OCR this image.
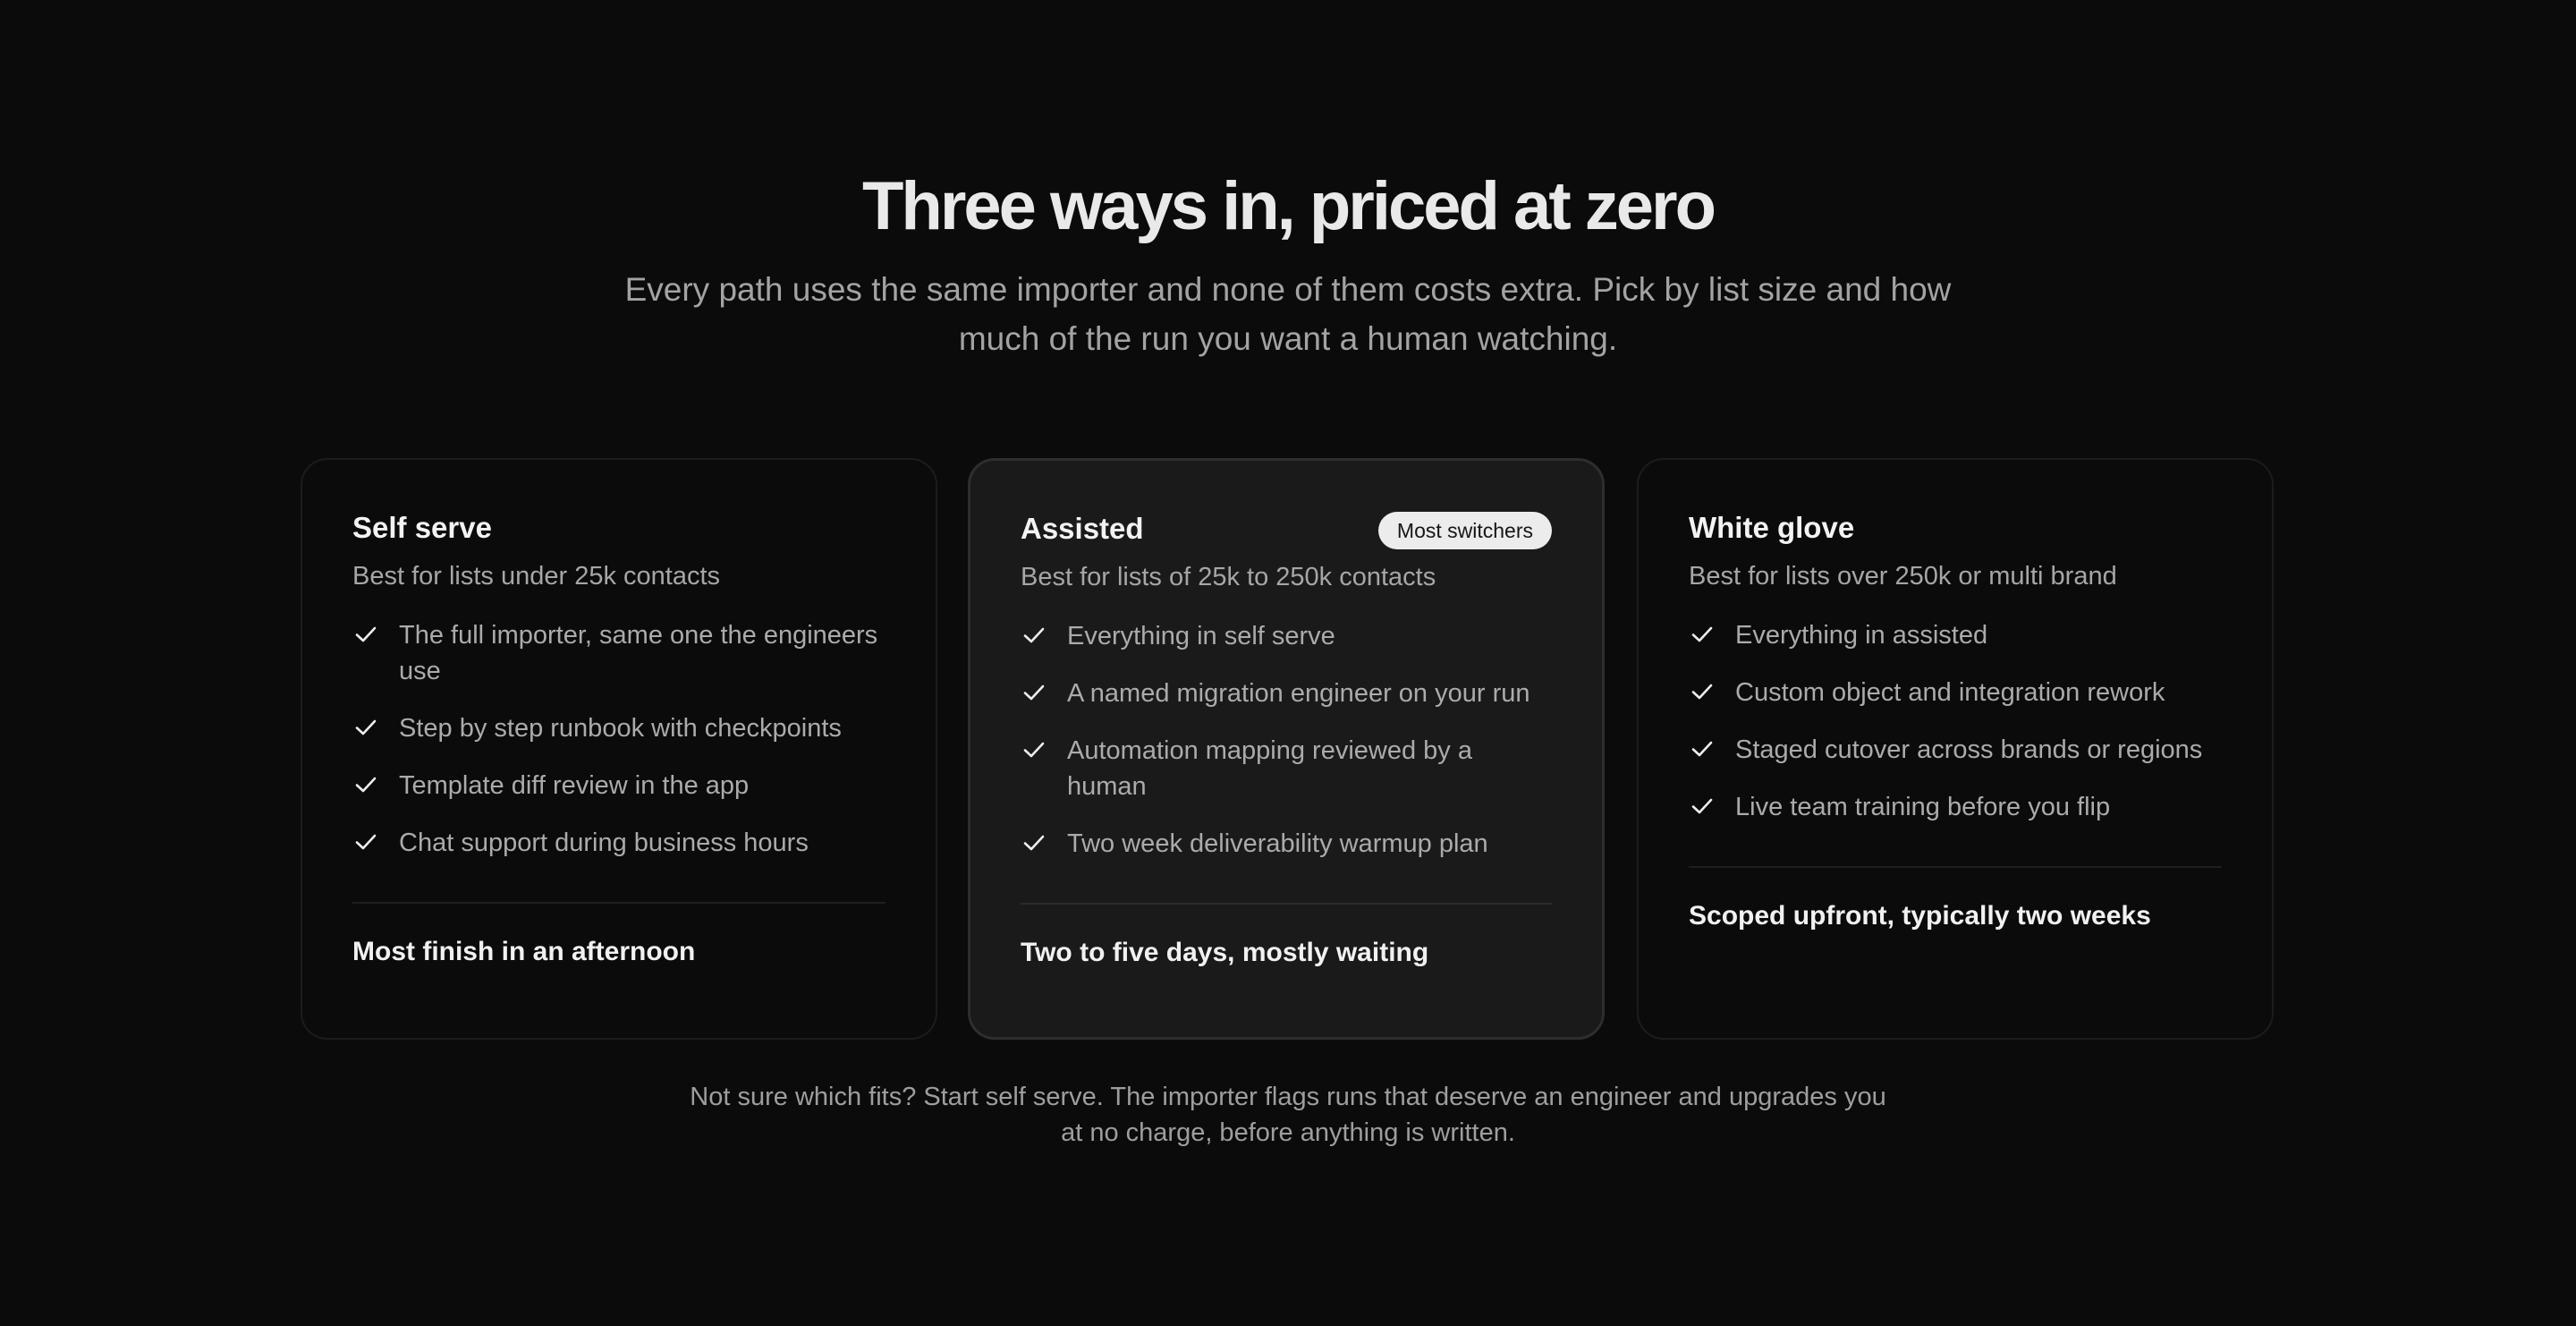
Three ways in, priced at zero

Every path uses the same importer and none of them costs extra. Pick by list size and how much of the run you want a human watching.

Self serve

Best for lists under 25k contacts

The full importer, same one the engineers use
Step by step runbook with checkpoints
Template diff review in the app
Chat support during business hours

Most finish in an afternoon

Most switchers
Assisted

Best for lists of 25k to 250k contacts

Everything in self serve
A named migration engineer on your run
Automation mapping reviewed by a human
Two week deliverability warmup plan

Two to five days, mostly waiting

White glove

Best for lists over 250k or multi brand

Everything in assisted
Custom object and integration rework
Staged cutover across brands or regions
Live team training before you flip

Scoped upfront, typically two weeks

Not sure which fits? Start self serve. The importer flags runs that deserve an engineer and upgrades you at no charge, before anything is written.
